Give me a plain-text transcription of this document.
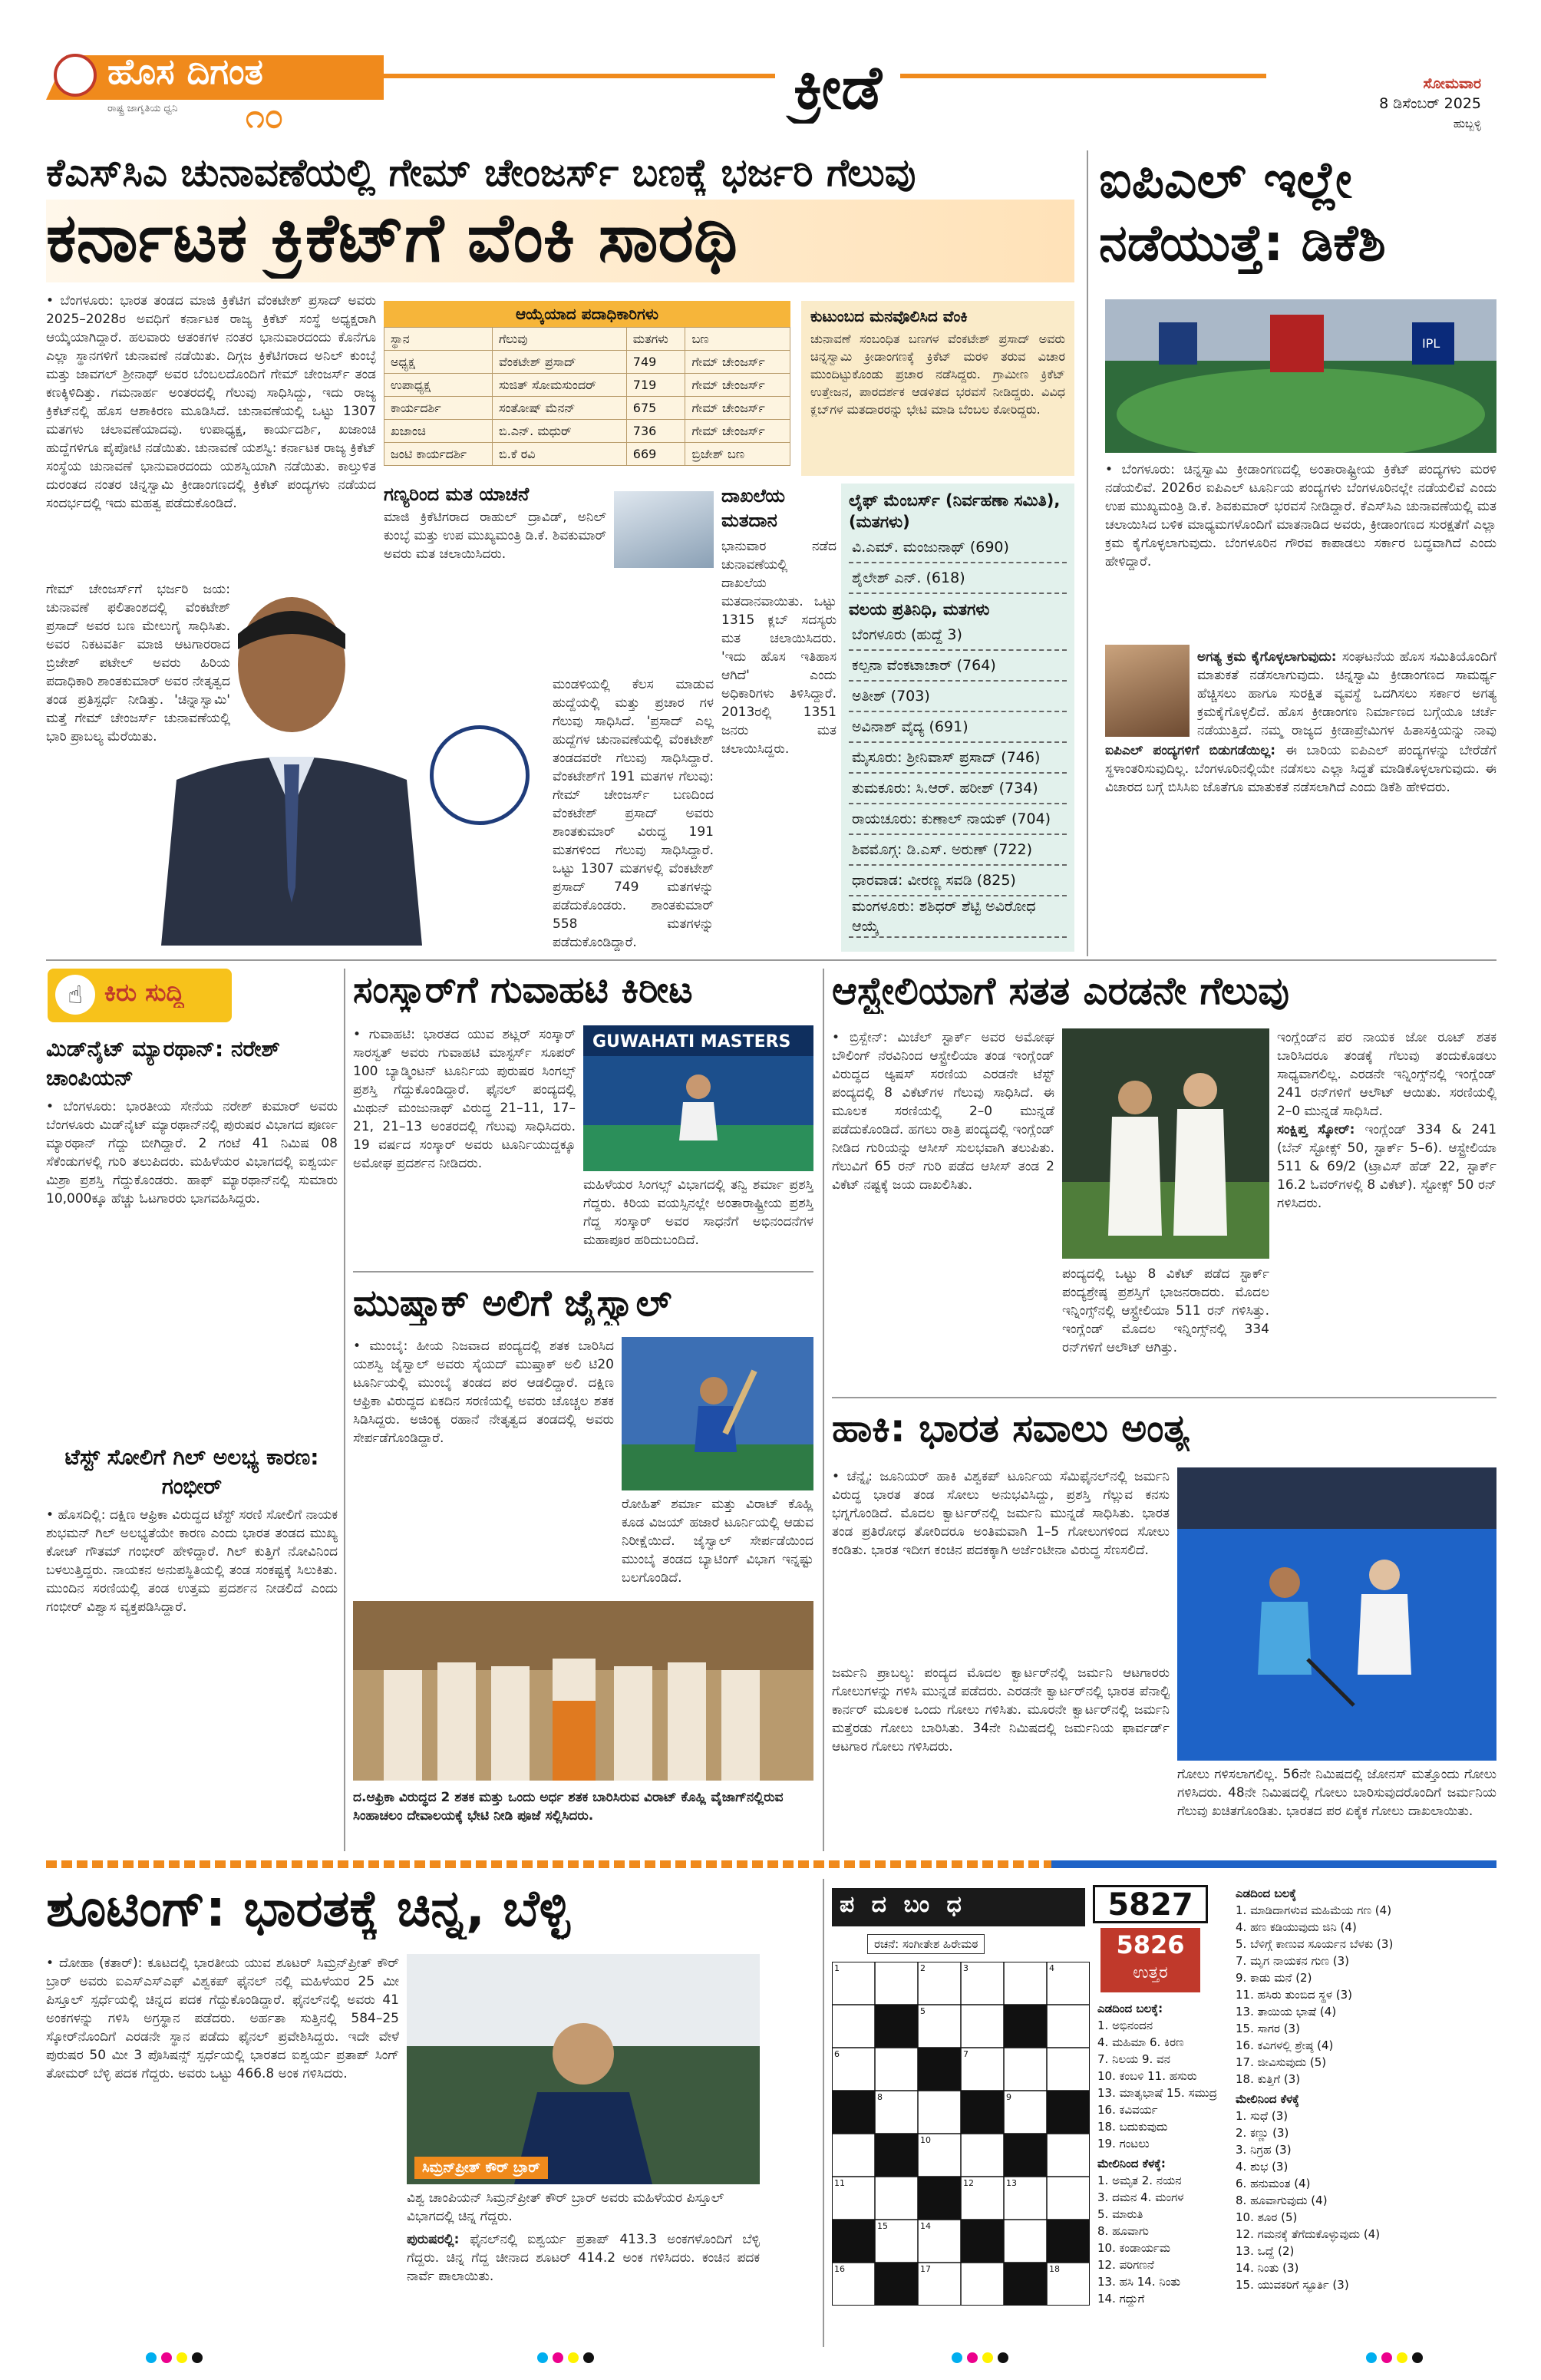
ಹೊಸ ದಿಗಂತ
ರಾಷ್ಟ್ರ ಜಾಗೃತಿಯ ಧ್ವನಿ ೧೦	ಕ್ರೀಡೆ	ಸೋಮವಾರ
8 ಡಿಸೆಂಬರ್ 2025
ಹುಬ್ಬಳ್ಳಿ
ಕೆಎಸ್‌ಸಿಎ ಚುನಾವಣೆಯಲ್ಲಿ ಗೇಮ್ ಚೇಂಜರ್ಸ್ ಬಣಕ್ಕೆ ಭರ್ಜರಿ ಗೆಲುವು
ಕರ್ನಾಟಕ ಕ್ರಿಕೆಟ್‌ಗೆ ವೆಂಕಿ ಸಾರಥಿ
• ಬೆಂಗಳೂರು: ಭಾರತ ತಂಡದ ಮಾಜಿ ಕ್ರಿಕೆಟಿಗ ವೆಂಕಟೇಶ್ ಪ್ರಸಾದ್ ಅವರು 2025–2028ರ ಅವಧಿಗೆ ಕರ್ನಾಟಕ ರಾಜ್ಯ ಕ್ರಿಕೆಟ್ ಸಂಸ್ಥೆ ಅಧ್ಯಕ್ಷರಾಗಿ ಆಯ್ಕೆಯಾಗಿದ್ದಾರೆ. ಹಲವಾರು ಆತಂಕಗಳ ನಂತರ ಭಾನುವಾರದಂದು ಕೊನೆಗೂ ಎಲ್ಲಾ ಸ್ಥಾನಗಳಿಗೆ ಚುನಾವಣೆ ನಡೆಯಿತು. ದಿಗ್ಗಜ ಕ್ರಿಕೆಟಿಗರಾದ ಅನಿಲ್ ಕುಂಬ್ಳೆ ಮತ್ತು ಜಾವಗಲ್ ಶ್ರೀನಾಥ್ ಅವರ ಬೆಂಬಲದೊಂದಿಗೆ ಗೇಮ್ ಚೇಂಜರ್ಸ್ ತಂಡ ಕಣಕ್ಕಿಳಿದಿತ್ತು. ಗಮನಾರ್ಹ ಅಂತರದಲ್ಲಿ ಗೆಲುವು ಸಾಧಿಸಿದ್ದು, ಇದು ರಾಜ್ಯ ಕ್ರಿಕೆಟ್‌ನಲ್ಲಿ ಹೊಸ ಆಶಾಕಿರಣ ಮೂಡಿಸಿದೆ. ಚುನಾವಣೆಯಲ್ಲಿ ಒಟ್ಟು 1307 ಮತಗಳು ಚಲಾವಣೆಯಾದವು. ಉಪಾಧ್ಯಕ್ಷ, ಕಾರ್ಯದರ್ಶಿ, ಖಜಾಂಚಿ ಹುದ್ದೆಗಳಿಗೂ ಪೈಪೋಟಿ ನಡೆಯಿತು. ಚುನಾವಣೆ ಯಶಸ್ವಿ: ಕರ್ನಾಟಕ ರಾಜ್ಯ ಕ್ರಿಕೆಟ್ ಸಂಸ್ಥೆಯ ಚುನಾವಣೆ ಭಾನುವಾರದಂದು ಯಶಸ್ವಿಯಾಗಿ ನಡೆಯಿತು. ಕಾಲ್ತುಳಿತ ದುರಂತದ ನಂತರ ಚಿನ್ನಸ್ವಾಮಿ ಕ್ರೀಡಾಂಗಣದಲ್ಲಿ ಕ್ರಿಕೆಟ್ ಪಂದ್ಯಗಳು ನಡೆಯದ ಸಂದರ್ಭದಲ್ಲಿ ಇದು ಮಹತ್ವ ಪಡೆದುಕೊಂಡಿದೆ.
ಗೇಮ್ ಚೇಂಜರ್ಸ್‌ಗೆ ಭರ್ಜರಿ ಜಯ: ಚುನಾವಣೆ ಫಲಿತಾಂಶದಲ್ಲಿ ವೆಂಕಟೇಶ್ ಪ್ರಸಾದ್ ಅವರ ಬಣ ಮೇಲುಗೈ ಸಾಧಿಸಿತು. ಅವರ ನಿಕಟವರ್ತಿ ಮಾಜಿ ಆಟಗಾರರಾದ ಬ್ರಿಜೇಶ್ ಪಟೇಲ್ ಅವರು ಹಿರಿಯ ಪದಾಧಿಕಾರಿ ಶಾಂತಕುಮಾರ್ ಅವರ ನೇತೃತ್ವದ ತಂಡ ಪ್ರತಿಸ್ಪರ್ಧೆ ನೀಡಿತ್ತು. 'ಚಿನ್ನಾಸ್ವಾಮಿ' ಮತ್ತೆ ಗೇಮ್ ಚೇಂಜರ್ಸ್ ಚುನಾವಣೆಯಲ್ಲಿ ಭಾರಿ ಪ್ರಾಬಲ್ಯ ಮೆರೆಯಿತು.
ಆಯ್ಕೆಯಾದ ಪದಾಧಿಕಾರಿಗಳು
ಸ್ಥಾನ	ಗೆಲುವು	ಮತಗಳು	ಬಣ
ಅಧ್ಯಕ್ಷ	ವೆಂಕಟೇಶ್ ಪ್ರಸಾದ್	749	ಗೇಮ್ ಚೇಂಜರ್ಸ್
ಉಪಾಧ್ಯಕ್ಷ	ಸುಜಿತ್ ಸೋಮಸುಂದರ್	719	ಗೇಮ್ ಚೇಂಜರ್ಸ್
ಕಾರ್ಯದರ್ಶಿ	ಸಂತೋಷ್ ಮೆನನ್	675	ಗೇಮ್ ಚೇಂಜರ್ಸ್
ಖಜಾಂಚಿ	ಬಿ.ಎನ್. ಮಧುರ್	736	ಗೇಮ್ ಚೇಂಜರ್ಸ್
ಜಂಟಿ ಕಾರ್ಯದರ್ಶಿ	ಬಿ.ಕೆ ರವಿ	669	ಬ್ರಿಜೇಶ್ ಬಣ
ಕುಟುಂಬದ ಮನವೊಲಿಸಿದ ವೆಂಕಿ
ಚುನಾವಣೆ ಸಂಬಂಧಿತ ಬಣಗಳ ವೆಂಕಟೇಶ್ ಪ್ರಸಾದ್ ಅವರು ಚಿನ್ನಸ್ವಾಮಿ ಕ್ರೀಡಾಂಗಣಕ್ಕೆ ಕ್ರಿಕೆಟ್ ಮರಳಿ ತರುವ ವಿಚಾರ ಮುಂದಿಟ್ಟುಕೊಂಡು ಪ್ರಚಾರ ನಡೆಸಿದ್ದರು. ಗ್ರಾಮೀಣ ಕ್ರಿಕೆಟ್ ಉತ್ತೇಜನ, ಪಾರದರ್ಶಕ ಆಡಳಿತದ ಭರವಸೆ ನೀಡಿದ್ದರು. ವಿವಿಧ ಕ್ಲಬ್‌ಗಳ ಮತದಾರರನ್ನು ಭೇಟಿ ಮಾಡಿ ಬೆಂಬಲ ಕೋರಿದ್ದರು.
ಗಣ್ಯರಿಂದ ಮತ ಯಾಚನೆ
ಮಾಜಿ ಕ್ರಿಕೆಟಿಗರಾದ ರಾಹುಲ್ ದ್ರಾವಿಡ್, ಅನಿಲ್ ಕುಂಬ್ಳೆ ಮತ್ತು ಉಪ ಮುಖ್ಯಮಂತ್ರಿ ಡಿ.ಕೆ. ಶಿವಕುಮಾರ್ ಅವರು ಮತ ಚಲಾಯಿಸಿದರು.
ಮಂಡಳಿಯಲ್ಲಿ ಕೆಲಸ ಮಾಡುವ ಹುದ್ದೆಯಲ್ಲಿ ಮತ್ತು ಪ್ರಚಾರ ಗಳ ಗೆಲುವು ಸಾಧಿಸಿದೆ. 'ಪ್ರಸಾದ್ ಎಲ್ಲ ಹುದ್ದೆಗಳ ಚುನಾವಣೆಯಲ್ಲಿ ವೆಂಕಟೇಶ್ ತಂಡದವರೇ ಗೆಲುವು ಸಾಧಿಸಿದ್ದಾರೆ. ವೆಂಕಟೇಶ್‌ಗೆ 191 ಮತಗಳ ಗೆಲುವು: ಗೇಮ್ ಚೇಂಜರ್ಸ್ ಬಣದಿಂದ ವೆಂಕಟೇಶ್ ಪ್ರಸಾದ್ ಅವರು ಶಾಂತಕುಮಾರ್ ವಿರುದ್ಧ 191 ಮತಗಳಿಂದ ಗೆಲುವು ಸಾಧಿಸಿದ್ದಾರೆ. ಒಟ್ಟು 1307 ಮತಗಳಲ್ಲಿ ವೆಂಕಟೇಶ್ ಪ್ರಸಾದ್ 749 ಮತಗಳನ್ನು ಪಡೆದುಕೊಂಡರು. ಶಾಂತಕುಮಾರ್ 558 ಮತಗಳನ್ನು ಪಡೆದುಕೊಂಡಿದ್ದಾರೆ.
ದಾಖಲೆಯ ಮತದಾನ
ಭಾನುವಾರ ನಡೆದ ಚುನಾವಣೆಯಲ್ಲಿ ದಾಖಲೆಯ ಮತದಾನವಾಯಿತು. ಒಟ್ಟು 1315 ಕ್ಲಬ್ ಸದಸ್ಯರು ಮತ ಚಲಾಯಿಸಿದರು. 'ಇದು ಹೊಸ ಇತಿಹಾಸ ಆಗಿದೆ' ಎಂದು ಅಧಿಕಾರಿಗಳು ತಿಳಿಸಿದ್ದಾರೆ. 2013ರಲ್ಲಿ 1351 ಜನರು ಮತ ಚಲಾಯಿಸಿದ್ದರು.
ಲೈಫ್ ಮೆಂಬರ್ಸ್ (ನಿರ್ವಹಣಾ ಸಮಿತಿ), (ಮತಗಳು)
ವಿ.ಎಮ್. ಮಂಜುನಾಥ್ (690)
ಶೈಲೇಶ್ ಎನ್. (618)
ವಲಯ ಪ್ರತಿನಿಧಿ, ಮತಗಳು
ಬೆಂಗಳೂರು (ಹುದ್ದೆ 3)
ಕಲ್ಪನಾ ವೆಂಕಟಾಚಾರ್ (764)
ಅತೀಶ್ (703)
ಅವಿನಾಶ್ ವೈದ್ಯ (691)
ಮೈಸೂರು: ಶ್ರೀನಿವಾಸ್ ಪ್ರಸಾದ್ (746)
ತುಮಕೂರು: ಸಿ.ಆರ್. ಹರೀಶ್ (734)
ರಾಯಚೂರು: ಕುಣಾಲ್ ನಾಯಕ್ (704)
ಶಿವಮೊಗ್ಗ: ಡಿ.ಎಸ್. ಅರುಣ್ (722)
ಧಾರವಾಡ: ವೀರಣ್ಣ ಸವಡಿ (825)
ಮಂಗಳೂರು: ಶಶಿಧರ್ ಶೆಟ್ಟಿ ಅವಿರೋಧ ಆಯ್ಕೆ
ಐಪಿಎಲ್ ಇಲ್ಲೇ
ನಡೆಯುತ್ತೆ: ಡಿಕೆಶಿ
IPL
• ಬೆಂಗಳೂರು: ಚಿನ್ನಸ್ವಾಮಿ ಕ್ರೀಡಾಂಗಣದಲ್ಲಿ ಅಂತಾರಾಷ್ಟ್ರೀಯ ಕ್ರಿಕೆಟ್ ಪಂದ್ಯಗಳು ಮರಳಿ ನಡೆಯಲಿವೆ. 2026ರ ಐಪಿಎಲ್ ಟೂರ್ನಿಯ ಪಂದ್ಯಗಳು ಬೆಂಗಳೂರಿನಲ್ಲೇ ನಡೆಯಲಿವೆ ಎಂದು ಉಪ ಮುಖ್ಯಮಂತ್ರಿ ಡಿ.ಕೆ. ಶಿವಕುಮಾರ್ ಭರವಸೆ ನೀಡಿದ್ದಾರೆ. ಕೆಎಸ್‌ಸಿಎ ಚುನಾವಣೆಯಲ್ಲಿ ಮತ ಚಲಾಯಿಸಿದ ಬಳಿಕ ಮಾಧ್ಯಮಗಳೊಂದಿಗೆ ಮಾತನಾಡಿದ ಅವರು, ಕ್ರೀಡಾಂಗಣದ ಸುರಕ್ಷತೆಗೆ ಎಲ್ಲಾ ಕ್ರಮ ಕೈಗೊಳ್ಳಲಾಗುವುದು. ಬೆಂಗಳೂರಿನ ಗೌರವ ಕಾಪಾಡಲು ಸರ್ಕಾರ ಬದ್ಧವಾಗಿದೆ ಎಂದು ಹೇಳಿದ್ದಾರೆ.
ಅಗತ್ಯ ಕ್ರಮ ಕೈಗೊಳ್ಳಲಾಗುವುದು: ಸಂಘಟನೆಯ ಹೊಸ ಸಮಿತಿಯೊಂದಿಗೆ ಮಾತುಕತೆ ನಡೆಸಲಾಗುವುದು. ಚಿನ್ನಸ್ವಾಮಿ ಕ್ರೀಡಾಂಗಣದ ಸಾಮರ್ಥ್ಯ ಹೆಚ್ಚಿಸಲು ಹಾಗೂ ಸುರಕ್ಷಿತ ವ್ಯವಸ್ಥೆ ಒದಗಿಸಲು ಸರ್ಕಾರ ಅಗತ್ಯ ಕ್ರಮಕೈಗೊಳ್ಳಲಿದೆ. ಹೊಸ ಕ್ರೀಡಾಂಗಣ ನಿರ್ಮಾಣದ ಬಗ್ಗೆಯೂ ಚರ್ಚೆ ನಡೆಯುತ್ತಿದೆ. ನಮ್ಮ ರಾಜ್ಯದ ಕ್ರೀಡಾಪ್ರೇಮಿಗಳ ಹಿತಾಸಕ್ತಿಯನ್ನು ನಾವು
ಐಪಿಎಲ್ ಪಂದ್ಯಗಳಿಗೆ ಬಿಡುಗಡೆಯಿಲ್ಲ: ಈ ಬಾರಿಯ ಐಪಿಎಲ್ ಪಂದ್ಯಗಳನ್ನು ಬೇರೆಡೆಗೆ ಸ್ಥಳಾಂತರಿಸುವುದಿಲ್ಲ. ಬೆಂಗಳೂರಿನಲ್ಲಿಯೇ ನಡೆಸಲು ಎಲ್ಲಾ ಸಿದ್ಧತೆ ಮಾಡಿಕೊಳ್ಳಲಾಗುವುದು. ಈ ವಿಚಾರದ ಬಗ್ಗೆ ಬಿಸಿಸಿಐ ಜೊತೆಗೂ ಮಾತುಕತೆ ನಡೆಸಲಾಗಿದೆ ಎಂದು ಡಿಕೆಶಿ ಹೇಳಿದರು.
☝ ಕಿರು ಸುದ್ದಿ
ಮಿಡ್‌ನೈಟ್ ಮ್ಯಾರಥಾನ್: ನರೇಶ್ ಚಾಂಪಿಯನ್
• ಬೆಂಗಳೂರು: ಭಾರತೀಯ ಸೇನೆಯ ನರೇಶ್ ಕುಮಾರ್ ಅವರು ಬೆಂಗಳೂರು ಮಿಡ್‌ನೈಟ್ ಮ್ಯಾರಥಾನ್‌ನಲ್ಲಿ ಪುರುಷರ ವಿಭಾಗದ ಪೂರ್ಣ ಮ್ಯಾರಥಾನ್ ಗೆದ್ದು ಬೀಗಿದ್ದಾರೆ. 2 ಗಂಟೆ 41 ನಿಮಿಷ 08 ಸೆಕೆಂಡುಗಳಲ್ಲಿ ಗುರಿ ತಲುಪಿದರು. ಮಹಿಳೆಯರ ವಿಭಾಗದಲ್ಲಿ ಐಶ್ವರ್ಯ ಮಿಶ್ರಾ ಪ್ರಶಸ್ತಿ ಗೆದ್ದುಕೊಂಡರು. ಹಾಫ್ ಮ್ಯಾರಥಾನ್‌ನಲ್ಲಿ ಸುಮಾರು 10,000ಕ್ಕೂ ಹೆಚ್ಚು ಓಟಗಾರರು ಭಾಗವಹಿಸಿದ್ದರು.
ಟೆಸ್ಟ್ ಸೋಲಿಗೆ ಗಿಲ್ ಅಲಭ್ಯ ಕಾರಣ: ಗಂಭೀರ್
• ಹೊಸದಿಲ್ಲಿ: ದಕ್ಷಿಣ ಆಫ್ರಿಕಾ ವಿರುದ್ಧದ ಟೆಸ್ಟ್ ಸರಣಿ ಸೋಲಿಗೆ ನಾಯಕ ಶುಭಮನ್ ಗಿಲ್ ಅಲಭ್ಯತೆಯೇ ಕಾರಣ ಎಂದು ಭಾರತ ತಂಡದ ಮುಖ್ಯ ಕೋಚ್ ಗೌತಮ್ ಗಂಭೀರ್ ಹೇಳಿದ್ದಾರೆ. ಗಿಲ್ ಕುತ್ತಿಗೆ ನೋವಿನಿಂದ ಬಳಲುತ್ತಿದ್ದರು. ನಾಯಕನ ಅನುಪಸ್ಥಿತಿಯಲ್ಲಿ ತಂಡ ಸಂಕಷ್ಟಕ್ಕೆ ಸಿಲುಕಿತು. ಮುಂದಿನ ಸರಣಿಯಲ್ಲಿ ತಂಡ ಉತ್ತಮ ಪ್ರದರ್ಶನ ನೀಡಲಿದೆ ಎಂದು ಗಂಭೀರ್ ವಿಶ್ವಾಸ ವ್ಯಕ್ತಪಡಿಸಿದ್ದಾರೆ.
ಸಂಸ್ಕಾರ್‌ಗೆ ಗುವಾಹಟಿ ಕಿರೀಟ
• ಗುವಾಹಟಿ: ಭಾರತದ ಯುವ ಶಟ್ಲರ್ ಸಂಸ್ಕಾರ್ ಸಾರಸ್ವತ್ ಅವರು ಗುವಾಹಟಿ ಮಾಸ್ಟರ್ಸ್ ಸೂಪರ್ 100 ಬ್ಯಾಡ್ಮಿಂಟನ್ ಟೂರ್ನಿಯ ಪುರುಷರ ಸಿಂಗಲ್ಸ್ ಪ್ರಶಸ್ತಿ ಗೆದ್ದುಕೊಂಡಿದ್ದಾರೆ. ಫೈನಲ್ ಪಂದ್ಯದಲ್ಲಿ ಮಿಥುನ್ ಮಂಜುನಾಥ್ ವಿರುದ್ಧ 21–11, 17–21, 21–13 ಅಂತರದಲ್ಲಿ ಗೆಲುವು ಸಾಧಿಸಿದರು. 19 ವರ್ಷದ ಸಂಸ್ಕಾರ್ ಅವರು ಟೂರ್ನಿಯುದ್ದಕ್ಕೂ ಅಮೋಘ ಪ್ರದರ್ಶನ ನೀಡಿದರು.
GUWAHATI MASTERS
ಮಹಿಳೆಯರ ಸಿಂಗಲ್ಸ್ ವಿಭಾಗದಲ್ಲಿ ತನ್ವಿ ಶರ್ಮಾ ಪ್ರಶಸ್ತಿ ಗೆದ್ದರು. ಕಿರಿಯ ವಯಸ್ಸಿನಲ್ಲೇ ಅಂತಾರಾಷ್ಟ್ರೀಯ ಪ್ರಶಸ್ತಿ ಗೆದ್ದ ಸಂಸ್ಕಾರ್ ಅವರ ಸಾಧನೆಗೆ ಅಭಿನಂದನೆಗಳ ಮಹಾಪೂರ ಹರಿದುಬಂದಿದೆ.
ಮುಷ್ತಾಕ್ ಅಲಿಗೆ ಜೈಸ್ವಾಲ್
• ಮುಂಬೈ: ಹೀಯ ನಿಜವಾದ ಪಂದ್ಯದಲ್ಲಿ ಶತಕ ಬಾರಿಸಿದ ಯಶಸ್ವಿ ಜೈಸ್ವಾಲ್ ಅವರು ಸೈಯದ್ ಮುಷ್ತಾಕ್ ಅಲಿ ಟಿ20 ಟೂರ್ನಿಯಲ್ಲಿ ಮುಂಬೈ ತಂಡದ ಪರ ಆಡಲಿದ್ದಾರೆ. ದಕ್ಷಿಣ ಆಫ್ರಿಕಾ ವಿರುದ್ಧದ ಏಕದಿನ ಸರಣಿಯಲ್ಲಿ ಅವರು ಚೊಚ್ಚಲ ಶತಕ ಸಿಡಿಸಿದ್ದರು. ಅಜಿಂಕ್ಯ ರಹಾನೆ ನೇತೃತ್ವದ ತಂಡದಲ್ಲಿ ಅವರು ಸೇರ್ಪಡೆಗೊಂಡಿದ್ದಾರೆ.
ರೋಹಿತ್ ಶರ್ಮಾ ಮತ್ತು ವಿರಾಟ್ ಕೊಹ್ಲಿ ಕೂಡ ವಿಜಯ್ ಹಜಾರೆ ಟೂರ್ನಿಯಲ್ಲಿ ಆಡುವ ನಿರೀಕ್ಷೆಯಿದೆ. ಜೈಸ್ವಾಲ್ ಸೇರ್ಪಡೆಯಿಂದ ಮುಂಬೈ ತಂಡದ ಬ್ಯಾಟಿಂಗ್ ವಿಭಾಗ ಇನ್ನಷ್ಟು ಬಲಗೊಂಡಿದೆ.
ದ.ಆಫ್ರಿಕಾ ವಿರುದ್ಧದ 2 ಶತಕ ಮತ್ತು ಒಂದು ಅರ್ಧ ಶತಕ ಬಾರಿಸಿರುವ ವಿರಾಟ್ ಕೊಹ್ಲಿ ವೈಜಾಗ್‌ನಲ್ಲಿರುವ ಸಿಂಹಾಚಲಂ ದೇವಾಲಯಕ್ಕೆ ಭೇಟಿ ನೀಡಿ ಪೂಜೆ ಸಲ್ಲಿಸಿದರು.
ಆಸ್ಟ್ರೇಲಿಯಾಗೆ ಸತತ ಎರಡನೇ ಗೆಲುವು
• ಬ್ರಿಸ್ಬೇನ್: ಮಿಚೆಲ್ ಸ್ಟಾರ್ಕ್ ಅವರ ಅಮೋಘ ಬೌಲಿಂಗ್ ನೆರವಿನಿಂದ ಆಸ್ಟ್ರೇಲಿಯಾ ತಂಡ ಇಂಗ್ಲೆಂಡ್ ವಿರುದ್ಧದ ಆ್ಯಷಸ್ ಸರಣಿಯ ಎರಡನೇ ಟೆಸ್ಟ್ ಪಂದ್ಯದಲ್ಲಿ 8 ವಿಕೆಟ್‌ಗಳ ಗೆಲುವು ಸಾಧಿಸಿದೆ. ಈ ಮೂಲಕ ಸರಣಿಯಲ್ಲಿ 2–0 ಮುನ್ನಡೆ ಪಡೆದುಕೊಂಡಿದೆ. ಹಗಲು ರಾತ್ರಿ ಪಂದ್ಯದಲ್ಲಿ ಇಂಗ್ಲೆಂಡ್ ನೀಡಿದ ಗುರಿಯನ್ನು ಆಸೀಸ್ ಸುಲಭವಾಗಿ ತಲುಪಿತು. ಗೆಲುವಿಗೆ 65 ರನ್ ಗುರಿ ಪಡೆದ ಆಸೀಸ್ ತಂಡ 2 ವಿಕೆಟ್ ನಷ್ಟಕ್ಕೆ ಜಯ ದಾಖಲಿಸಿತು.
ಪಂದ್ಯದಲ್ಲಿ ಒಟ್ಟು 8 ವಿಕೆಟ್ ಪಡೆದ ಸ್ಟಾರ್ಕ್ ಪಂದ್ಯಶ್ರೇಷ್ಠ ಪ್ರಶಸ್ತಿಗೆ ಭಾಜನರಾದರು. ಮೊದಲ ಇನ್ನಿಂಗ್ಸ್‌ನಲ್ಲಿ ಆಸ್ಟ್ರೇಲಿಯಾ 511 ರನ್ ಗಳಿಸಿತ್ತು. ಇಂಗ್ಲೆಂಡ್ ಮೊದಲ ಇನ್ನಿಂಗ್ಸ್‌ನಲ್ಲಿ 334 ರನ್‌ಗಳಿಗೆ ಆಲೌಟ್ ಆಗಿತ್ತು.
ಇಂಗ್ಲೆಂಡ್‌ನ ಪರ ನಾಯಕ ಜೋ ರೂಟ್ ಶತಕ ಬಾರಿಸಿದರೂ ತಂಡಕ್ಕೆ ಗೆಲುವು ತಂದುಕೊಡಲು ಸಾಧ್ಯವಾಗಲಿಲ್ಲ. ಎರಡನೇ ಇನ್ನಿಂಗ್ಸ್‌ನಲ್ಲಿ ಇಂಗ್ಲೆಂಡ್ 241 ರನ್‌ಗಳಿಗೆ ಆಲೌಟ್ ಆಯಿತು. ಸರಣಿಯಲ್ಲಿ 2–0 ಮುನ್ನಡೆ ಸಾಧಿಸಿದೆ.
ಸಂಕ್ಷಿಪ್ತ ಸ್ಕೋರ್: ಇಂಗ್ಲೆಂಡ್ 334 & 241 (ಬೆನ್ ಸ್ಟೋಕ್ಸ್ 50, ಸ್ಟಾರ್ಕ್ 5–6). ಆಸ್ಟ್ರೇಲಿಯಾ 511 & 69/2 (ಟ್ರಾವಿಸ್ ಹೆಡ್ 22, ಸ್ಟಾರ್ಕ್ 16.2 ಓವರ್‌ಗಳಲ್ಲಿ 8 ವಿಕೆಟ್). ಸ್ಟೋಕ್ಸ್ 50 ರನ್ ಗಳಿಸಿದರು.
ಹಾಕಿ: ಭಾರತ ಸವಾಲು ಅಂತ್ಯ
• ಚೆನ್ನೈ: ಜೂನಿಯರ್ ಹಾಕಿ ವಿಶ್ವಕಪ್ ಟೂರ್ನಿಯ ಸೆಮಿಫೈನಲ್‌ನಲ್ಲಿ ಜರ್ಮನಿ ವಿರುದ್ಧ ಭಾರತ ತಂಡ ಸೋಲು ಅನುಭವಿಸಿದ್ದು, ಪ್ರಶಸ್ತಿ ಗೆಲ್ಲುವ ಕನಸು ಭಗ್ನಗೊಂಡಿದೆ. ಮೊದಲ ಕ್ವಾರ್ಟರ್‌ನಲ್ಲಿ ಜರ್ಮನಿ ಮುನ್ನಡೆ ಸಾಧಿಸಿತು. ಭಾರತ ತಂಡ ಪ್ರತಿರೋಧ ತೋರಿದರೂ ಅಂತಿಮವಾಗಿ 1–5 ಗೋಲುಗಳಿಂದ ಸೋಲು ಕಂಡಿತು. ಭಾರತ ಇದೀಗ ಕಂಚಿನ ಪದಕಕ್ಕಾಗಿ ಅರ್ಜೆಂಟೀನಾ ವಿರುದ್ಧ ಸೆಣಸಲಿದೆ.
ಜರ್ಮನಿ ಪ್ರಾಬಲ್ಯ: ಪಂದ್ಯದ ಮೊದಲ ಕ್ವಾರ್ಟರ್‌ನಲ್ಲಿ ಜರ್ಮನಿ ಆಟಗಾರರು ಗೋಲುಗಳನ್ನು ಗಳಿಸಿ ಮುನ್ನಡೆ ಪಡೆದರು. ಎರಡನೇ ಕ್ವಾರ್ಟರ್‌ನಲ್ಲಿ ಭಾರತ ಪೆನಾಲ್ಟಿ ಕಾರ್ನರ್ ಮೂಲಕ ಒಂದು ಗೋಲು ಗಳಿಸಿತು. ಮೂರನೇ ಕ್ವಾರ್ಟರ್‌ನಲ್ಲಿ ಜರ್ಮನಿ ಮತ್ತೆರಡು ಗೋಲು ಬಾರಿಸಿತು. 34ನೇ ನಿಮಿಷದಲ್ಲಿ ಜರ್ಮನಿಯ ಫಾರ್ವರ್ಡ್ ಆಟಗಾರ ಗೋಲು ಗಳಿಸಿದರು.
ಗೋಲು ಗಳಿಸಲಾಗಲಿಲ್ಲ. 56ನೇ ನಿಮಿಷದಲ್ಲಿ ಜೋನಸ್ ಮತ್ತೊಂದು ಗೋಲು ಗಳಿಸಿದರು. 48ನೇ ನಿಮಿಷದಲ್ಲಿ ಗೋಲು ಬಾರಿಸುವುದರೊಂದಿಗೆ ಜರ್ಮನಿಯ ಗೆಲುವು ಖಚಿತಗೊಂಡಿತು. ಭಾರತದ ಪರ ಏಕೈಕ ಗೋಲು ದಾಖಲಾಯಿತು.
ಶೂಟಿಂಗ್: ಭಾರತಕ್ಕೆ ಚಿನ್ನ, ಬೆಳ್ಳಿ
• ದೋಹಾ (ಕತಾರ್): ಕೂಟದಲ್ಲಿ ಭಾರತೀಯ ಯುವ ಶೂಟರ್ ಸಿಮ್ರನ್‌ಪ್ರೀತ್ ಕೌರ್ ಬ್ರಾರ್ ಅವರು ಐಎಸ್‌ಎಸ್‌ಎಫ್ ವಿಶ್ವಕಪ್ ಫೈನಲ್ ನಲ್ಲಿ ಮಹಿಳೆಯರ 25 ಮೀ ಪಿಸ್ತೂಲ್ ಸ್ಪರ್ಧೆಯಲ್ಲಿ ಚಿನ್ನದ ಪದಕ ಗೆದ್ದುಕೊಂಡಿದ್ದಾರೆ. ಫೈನಲ್‌ನಲ್ಲಿ ಅವರು 41 ಅಂಕಗಳನ್ನು ಗಳಿಸಿ ಅಗ್ರಸ್ಥಾನ ಪಡೆದರು. ಅರ್ಹತಾ ಸುತ್ತಿನಲ್ಲಿ 584–25 ಸ್ಕೋರ್‌ನೊಂದಿಗೆ ಎರಡನೇ ಸ್ಥಾನ ಪಡೆದು ಫೈನಲ್ ಪ್ರವೇಶಿಸಿದ್ದರು. ಇದೇ ವೇಳೆ ಪುರುಷರ 50 ಮೀ 3 ಪೊಸಿಷನ್ಸ್ ಸ್ಪರ್ಧೆಯಲ್ಲಿ ಭಾರತದ ಐಶ್ವರ್ಯ ಪ್ರತಾಪ್ ಸಿಂಗ್ ತೋಮರ್ ಬೆಳ್ಳಿ ಪದಕ ಗೆದ್ದರು. ಅವರು ಒಟ್ಟು 466.8 ಅಂಕ ಗಳಿಸಿದರು.
ಸಿಮ್ರನ್‌ಪ್ರೀತ್ ಕೌರ್ ಬ್ರಾರ್
ವಿಶ್ವ ಚಾಂಪಿಯನ್ ಸಿಮ್ರನ್‌ಪ್ರೀತ್ ಕೌರ್ ಬ್ರಾರ್ ಅವರು ಮಹಿಳೆಯರ ಪಿಸ್ತೂಲ್ ವಿಭಾಗದಲ್ಲಿ ಚಿನ್ನ ಗೆದ್ದರು.
ಪುರುಷರಲ್ಲಿ: ಫೈನಲ್‌ನಲ್ಲಿ ಐಶ್ವರ್ಯ ಪ್ರತಾಪ್ 413.3 ಅಂಕಗಳೊಂದಿಗೆ ಬೆಳ್ಳಿ ಗೆದ್ದರು. ಚಿನ್ನ ಗೆದ್ದ ಚೀನಾದ ಶೂಟರ್ 414.2 ಅಂಕ ಗಳಿಸಿದರು. ಕಂಚಿನ ಪದಕ ನಾರ್ವೆ ಪಾಲಾಯಿತು.
ಪ ದ ಬಂ ಧ	5827
5826
ಉತ್ತರ
ರಚನೆ: ಸಂಗೀತೇಶ ಹಿರೇಮಠ
1	2	3	4
5
6	7
8	9
10
11	12	13
14
15
16	17	18
ಎಡದಿಂದ ಬಲಕ್ಕೆ:
1. ಅಭಿನಂದನ
4. ಮಹಿಮಾ 6. ಕಿರಣ
7. ನಿಲಯ 9. ವನ
10. ಕಂಬಳಿ 11. ಹಸುರು
13. ಮಾತೃಭಾಷೆ 15. ಸಮುದ್ರ
16. ಕವಿವರ್ಯ
18. ಬದುಕುವುದು
19. ಗಂಟಲು
ಮೇಲಿನಿಂದ ಕೆಳಕ್ಕೆ:
1. ಅಮೃತ 2. ನಯನ
3. ದಮನ 4. ಮಂಗಳ
5. ಮಾರುತಿ
8. ಹೂವಾಗು
10. ಕಂಡಾರ್ಯಮ
12. ಪರಿಗಣನೆ
13. ಹಸಿ 14. ನಿಂತು
14. ಗದ್ದುಗೆ
ಎಡದಿಂದ ಬಲಕ್ಕೆ
1. ಮಾಡಿದಾಗಳುವ ಮಹಿಮೆಯ ಗಣ (4)
4. ಹಣ ಕಡಿಯುವುದು ಜಿನಿ (4)
5. ಬೆಳಿಗ್ಗೆ ಕಾಣುವ ಸೂರ್ಯನ ಬೆಳಕು (3)
7. ಮೃಗ ನಾಯಕನ ಗುಣ (3)
9. ಕಾಡು ಮನೆ (2)
11. ಹಸಿರು ತುಂಬಿದ ಸ್ಥಳ (3)
13. ತಾಯಿಯ ಭಾಷೆ (4)
15. ಸಾಗರ (3)
16. ಕವಿಗಳಲ್ಲಿ ಶ್ರೇಷ್ಠ (4)
17. ಜೀವಿಸುವುದು (5)
18. ಕುತ್ತಿಗೆ (3)
ಮೇಲಿನಿಂದ ಕೆಳಕ್ಕೆ
1. ಸುಧೆ (3)
2. ಕಣ್ಣು (3)
3. ನಿಗ್ರಹ (3)
4. ಶುಭ (3)
6. ಹನುಮಂತ (4)
8. ಹೂವಾಗುವುದು (4)
10. ಶೂರ (5)
12. ಗಮನಕ್ಕೆ ತೆಗೆದುಕೊಳ್ಳುವುದು (4)
13. ಒದ್ದೆ (2)
14. ನಿಂತು (3)
15. ಯುವಕರಿಗೆ ಸ್ಫೂರ್ತಿ (3)
